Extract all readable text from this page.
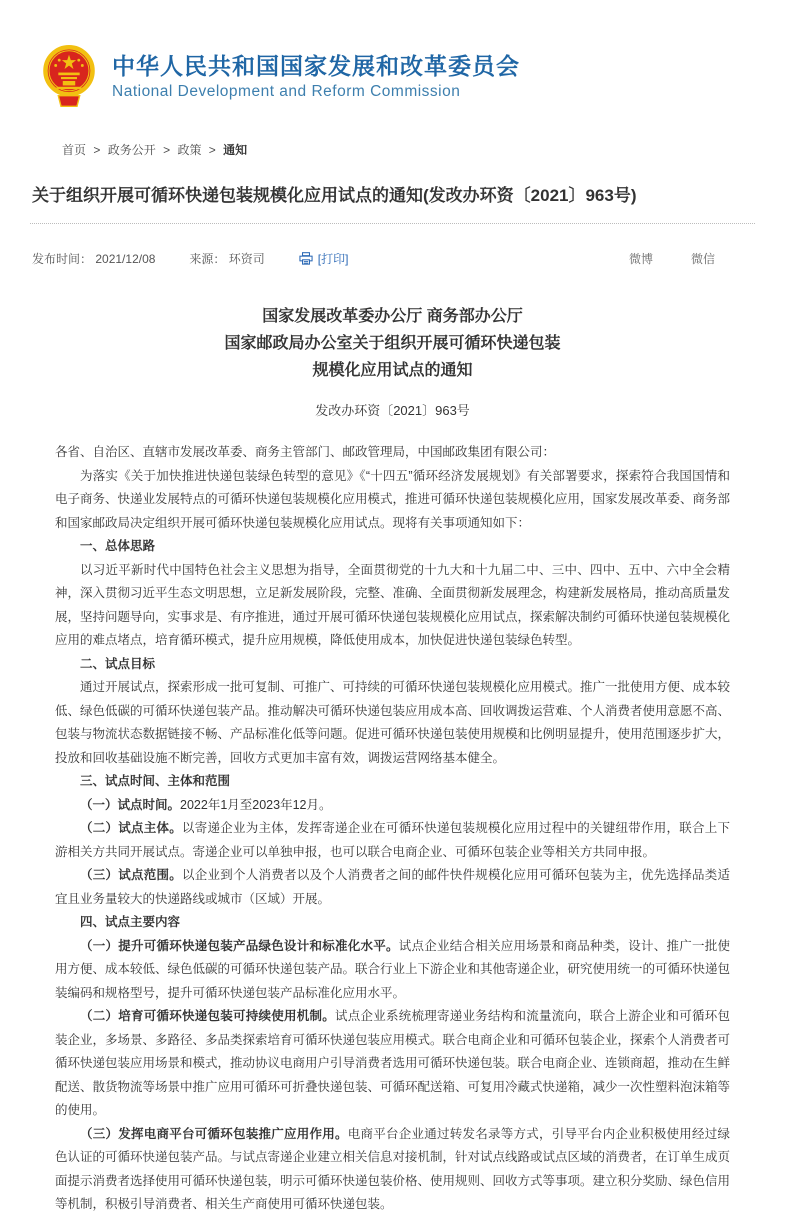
中华人民共和国国家发展和改革委员会
National Development and Reform Commission
首页 > 政务公开 > 政策 > 通知
关于组织开展可循环快递包装规模化应用试点的通知(发改办环资〔2021〕963号)
发布时间： 2021/12/08	来源： 环资司	[打印]	微博	微信
国家发展改革委办公厅 商务部办公厅
国家邮政局办公室关于组织开展可循环快递包装
规模化应用试点的通知
发改办环资〔2021〕963号

各省、自治区、直辖市发展改革委、商务主管部门、邮政管理局，中国邮政集团有限公司：

为落实《关于加快推进快递包装绿色转型的意见》《“十四五”循环经济发展规划》有关部署要求，探索符合我国国情和电子商务、快递业发展特点的可循环快递包装规模化应用模式，推进可循环快递包装规模化应用，国家发展改革委、商务部和国家邮政局决定组织开展可循环快递包装规模化应用试点。现将有关事项通知如下：

一、总体思路

以习近平新时代中国特色社会主义思想为指导，全面贯彻党的十九大和十九届二中、三中、四中、五中、六中全会精神，深入贯彻习近平生态文明思想，立足新发展阶段，完整、准确、全面贯彻新发展理念，构建新发展格局，推动高质量发展，坚持问题导向，实事求是、有序推进，通过开展可循环快递包装规模化应用试点，探索解决制约可循环快递包装规模化应用的难点堵点，培育循环模式，提升应用规模，降低使用成本，加快促进快递包装绿色转型。

二、试点目标

通过开展试点，探索形成一批可复制、可推广、可持续的可循环快递包装规模化应用模式。推广一批使用方便、成本较低、绿色低碳的可循环快递包装产品。推动解决可循环快递包装应用成本高、回收调拨运营难、个人消费者使用意愿不高、包装与物流状态数据链接不畅、产品标准化低等问题。促进可循环快递包装使用规模和比例明显提升，使用范围逐步扩大，投放和回收基础设施不断完善，回收方式更加丰富有效，调拨运营网络基本健全。

三、试点时间、主体和范围

（一）试点时间。2022年1月至2023年12月。

（二）试点主体。以寄递企业为主体，发挥寄递企业在可循环快递包装规模化应用过程中的关键纽带作用，联合上下游相关方共同开展试点。寄递企业可以单独申报，也可以联合电商企业、可循环包装企业等相关方共同申报。

（三）试点范围。以企业到个人消费者以及个人消费者之间的邮件快件规模化应用可循环包装为主，优先选择品类适宜且业务量较大的快递路线或城市（区域）开展。

四、试点主要内容

（一）提升可循环快递包装产品绿色设计和标准化水平。试点企业结合相关应用场景和商品种类，设计、推广一批使用方便、成本较低、绿色低碳的可循环快递包装产品。联合行业上下游企业和其他寄递企业，研究使用统一的可循环快递包装编码和规格型号，提升可循环快递包装产品标准化应用水平。

（二）培育可循环快递包装可持续使用机制。试点企业系统梳理寄递业务结构和流量流向，联合上游企业和可循环包装企业，多场景、多路径、多品类探索培育可循环快递包装应用模式。联合电商企业和可循环包装企业，探索个人消费者可循环快递包装应用场景和模式，推动协议电商用户引导消费者选用可循环快递包装。联合电商企业、连锁商超，推动在生鲜配送、散货物流等场景中推广应用可循环可折叠快递包装、可循环配送箱、可复用冷藏式快递箱，减少一次性塑料泡沫箱等的使用。

（三）发挥电商平台可循环包装推广应用作用。电商平台企业通过转发名录等方式，引导平台内企业积极使用经过绿色认证的可循环快递包装产品。与试点寄递企业建立相关信息对接机制，针对试点线路或试点区域的消费者，在订单生成页面提示消费者选择使用可循环快递包装，明示可循环快递包装价格、使用规则、回收方式等事项。建立积分奖励、绿色信用等机制，积极引导消费者、相关生产商使用可循环快递包装。
